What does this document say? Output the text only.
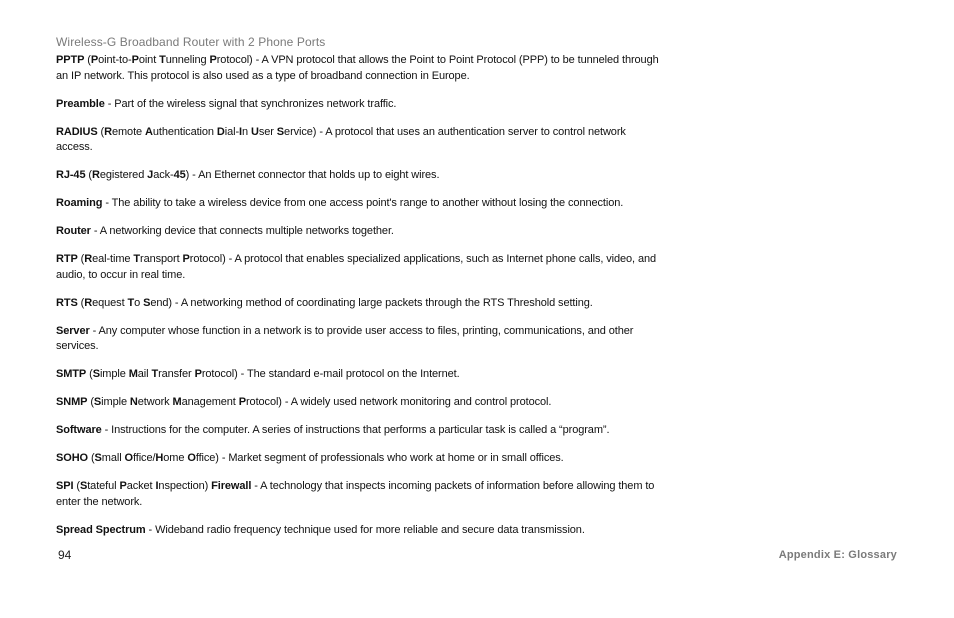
Wireless-G Broadband Router with 2 Phone Ports

PPTP (Point-to-Point Tunneling Protocol) - A VPN protocol that allows the Point to Point Protocol (PPP) to be tunneled through an IP network. This protocol is also used as a type of broadband connection in Europe.

Preamble - Part of the wireless signal that synchronizes network traffic.

RADIUS (Remote Authentication Dial-In User Service) - A protocol that uses an authentication server to control network access.

RJ-45 (Registered Jack-45) - An Ethernet connector that holds up to eight wires.

Roaming - The ability to take a wireless device from one access point's range to another without losing the connection.

Router - A networking device that connects multiple networks together.

RTP (Real-time Transport Protocol) - A protocol that enables specialized applications, such as Internet phone calls, video, and audio, to occur in real time.

RTS (Request To Send) - A networking method of coordinating large packets through the RTS Threshold setting.

Server - Any computer whose function in a network is to provide user access to files, printing, communications, and other services.

SMTP (Simple Mail Transfer Protocol) - The standard e-mail protocol on the Internet.

SNMP (Simple Network Management Protocol) - A widely used network monitoring and control protocol.

Software - Instructions for the computer. A series of instructions that performs a particular task is called a “program”.

SOHO (Small Office/Home Office) - Market segment of professionals who work at home or in small offices.

SPI (Stateful Packet Inspection) Firewall - A technology that inspects incoming packets of information before allowing them to enter the network.

Spread Spectrum - Wideband radio frequency technique used for more reliable and secure data transmission.

94	Appendix E: Glossary
